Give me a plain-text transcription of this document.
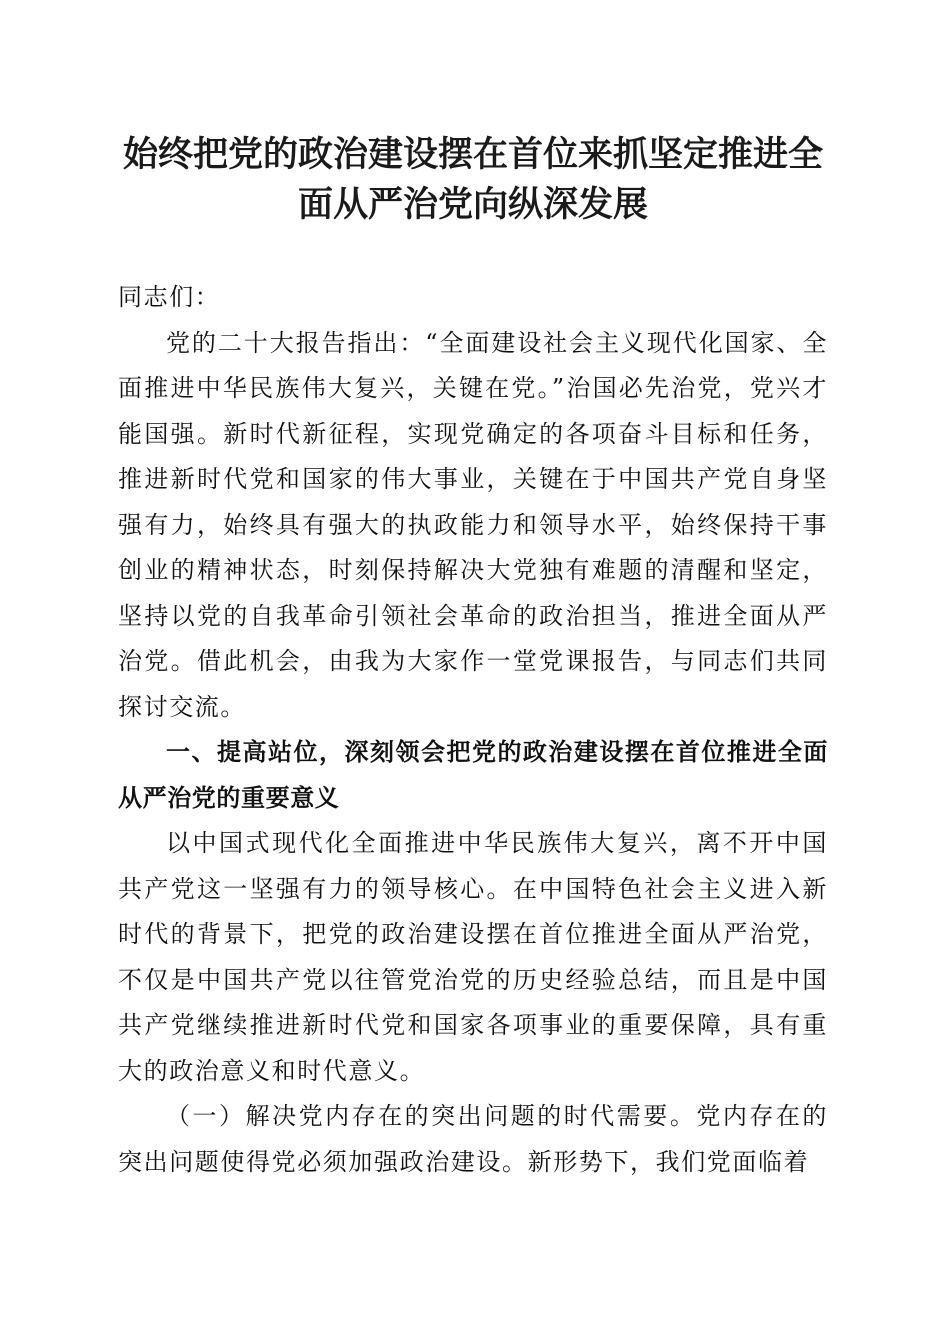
始终把党的政治建设摆在首位来抓坚定推进全
面从严治党向纵深发展

同志们：

党的二十大报告指出：“全面建设社会主义现代化国家、全面推进中华民族伟大复兴，关键在党。”治国必先治党，党兴才能国强。新时代新征程，实现党确定的各项奋斗目标和任务，推进新时代党和国家的伟大事业，关键在于中国共产党自身坚强有力，始终具有强大的执政能力和领导水平，始终保持干事创业的精神状态，时刻保持解决大党独有难题的清醒和坚定，坚持以党的自我革命引领社会革命的政治担当，推进全面从严治党。借此机会，由我为大家作一堂党课报告，与同志们共同探讨交流。

一、提高站位，深刻领会把党的政治建设摆在首位推进全面从严治党的重要意义

以中国式现代化全面推进中华民族伟大复兴，离不开中国共产党这一坚强有力的领导核心。在中国特色社会主义进入新时代的背景下，把党的政治建设摆在首位推进全面从严治党，不仅是中国共产党以往管党治党的历史经验总结，而且是中国共产党继续推进新时代党和国家各项事业的重要保障，具有重大的政治意义和时代意义。

（一）解决党内存在的突出问题的时代需要。党内存在的突出问题使得党必须加强政治建设。新形势下，我们党面临着
